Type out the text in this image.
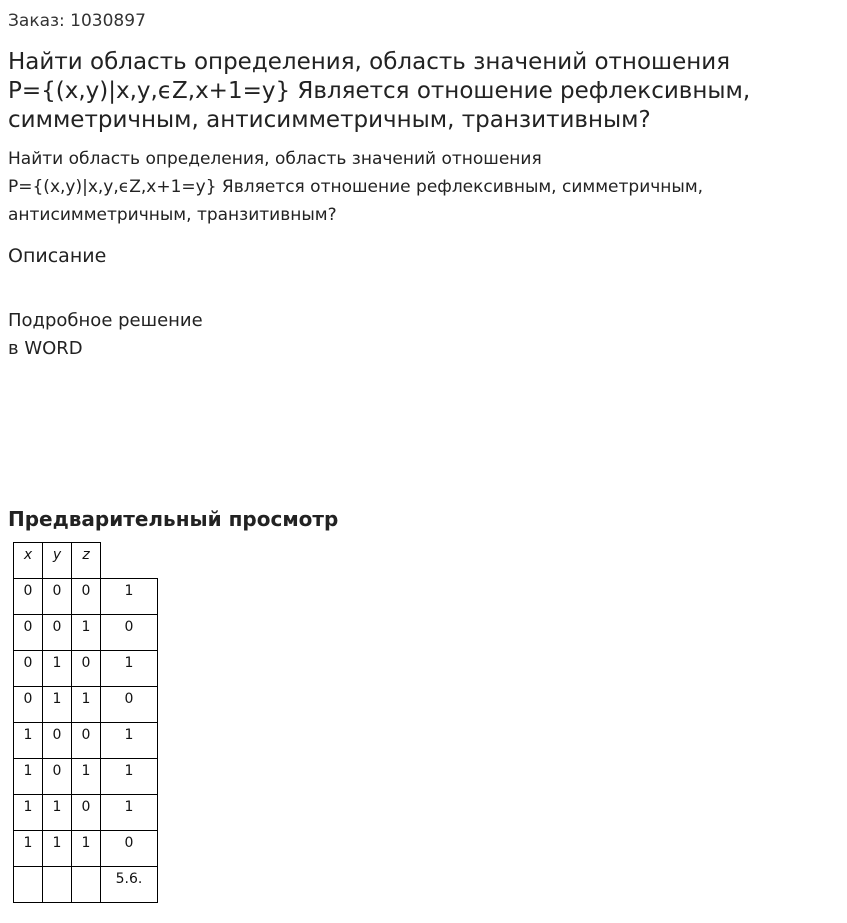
Заказ: 1030897
Найти область определения, область значений отношения
P={(x,y)|x,y,ϵZ,x+1=y} Является отношение рефлексивным,
симметричным, антисимметричным, транзитивным?
Найти область определения, область значений отношения
P={(x,y)|x,y,ϵZ,x+1=y} Является отношение рефлексивным, симметричным,
антисимметричным, транзитивным?
Описание
Подробное решение
в WORD
Предварительный просмотр
x	y	z	

0	0	0	1

0	0	1	0

0	1	0	1

0	1	1	0

1	0	0	1

1	0	1	1

1	1	0	1

1	1	1	0

			5.6.
